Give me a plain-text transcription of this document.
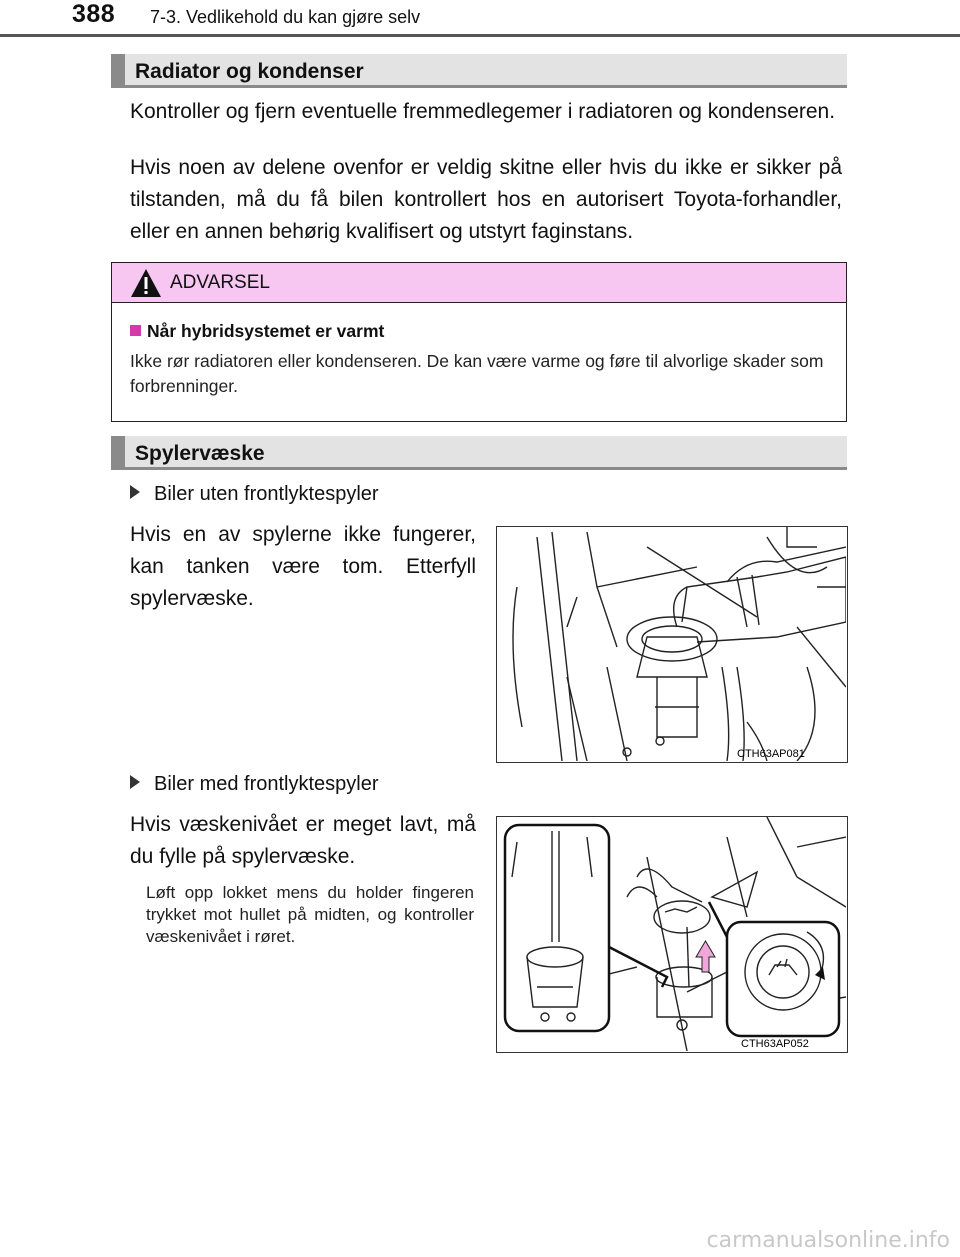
388 7-3. Vedlikehold du kan gjøre selv
Radiator og kondenser
Kontroller og fjern eventuelle fremmedlegemer i radiatoren og kondenseren.
Hvis noen av delene ovenfor er veldig skitne eller hvis du ikke er sikker på tilstanden, må du få bilen kontrollert hos en autorisert Toyota-forhandler, eller en annen behørig kvalifisert og utstyrt faginstans.
ADVARSEL
Når hybridsystemet er varmt
Ikke rør radiatoren eller kondenseren. De kan være varme og føre til alvorlige skader som forbrenninger.
Spylervæske
Biler uten frontlyktespyler
Hvis en av spylerne ikke fungerer, kan tanken være tom. Etterfyll spylervæske.
CTH63AP081
Biler med frontlyktespyler
Hvis væskenivået er meget lavt, må du fylle på spylervæske.
Løft opp lokket mens du holder fingeren trykket mot hullet på midten, og kontroller væskenivået i røret.
CTH63AP052
carmanualsonline.info
